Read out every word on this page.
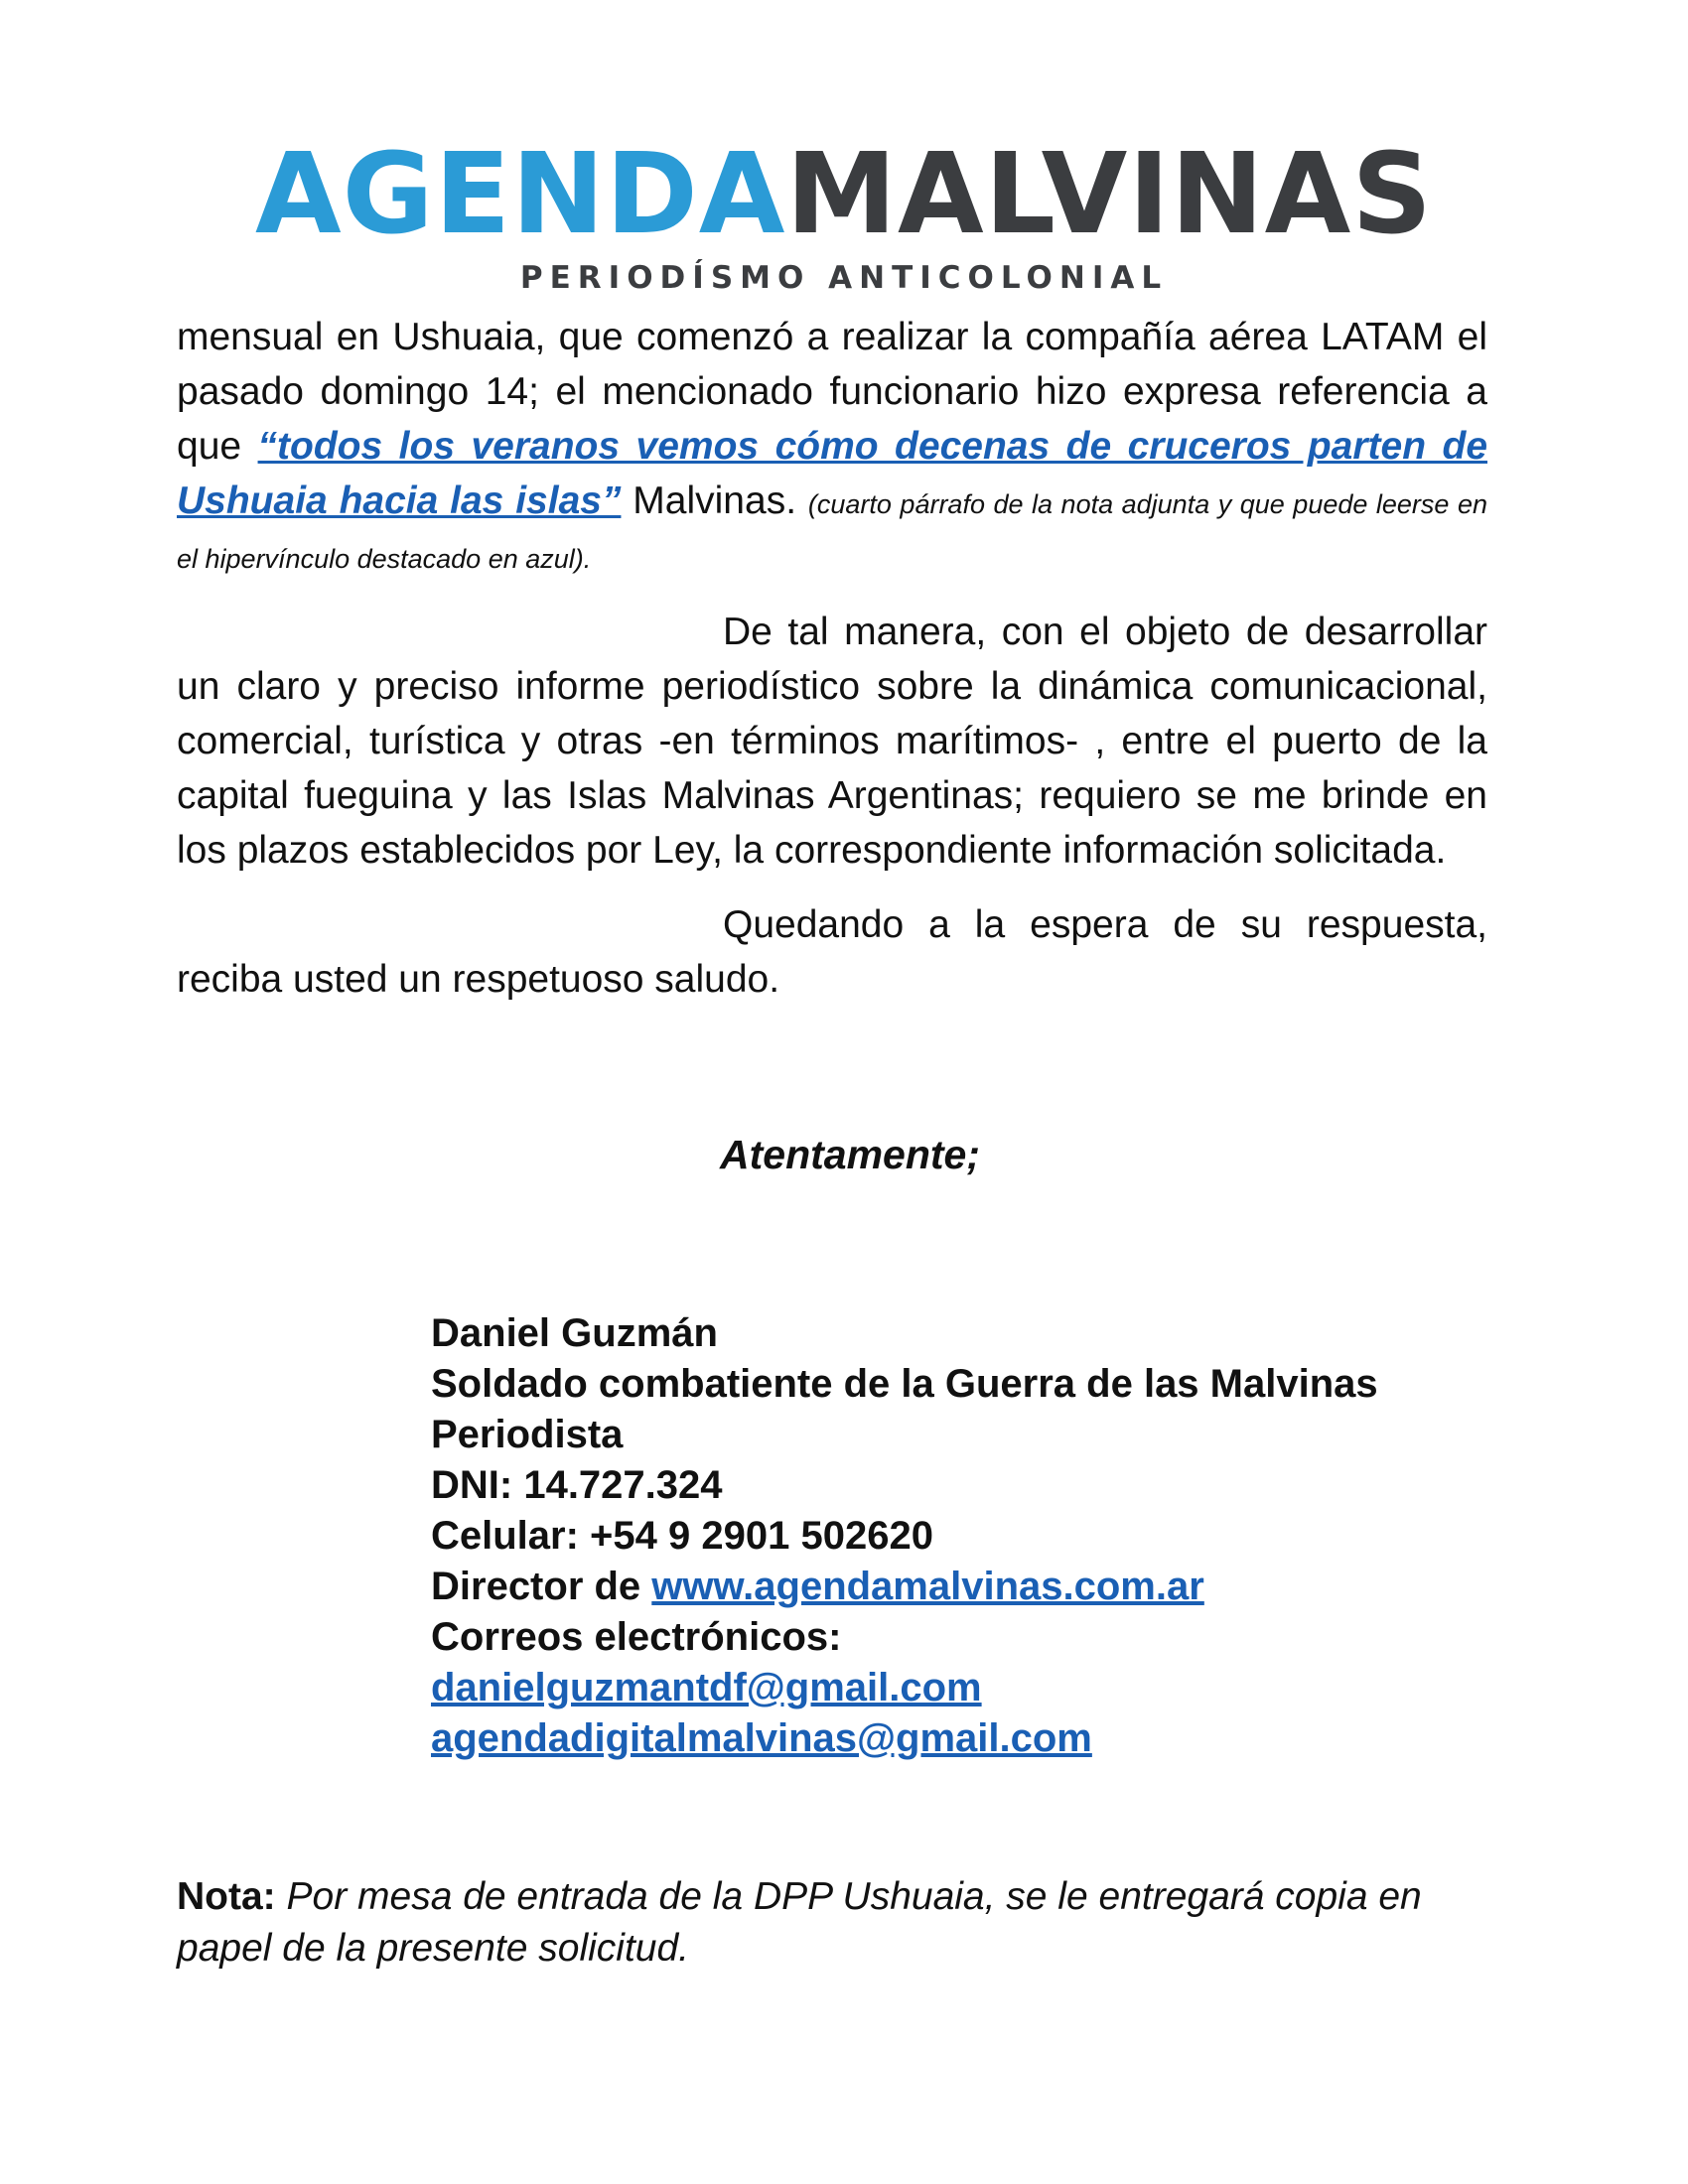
AGENDAMALVINAS
PERIODÍSMO ANTICOLONIAL

mensual en Ushuaia, que comenzó a realizar la compañía aérea LATAM el pasado domingo 14; el mencionado funcionario hizo expresa referencia a que “todos los veranos vemos cómo decenas de cruceros parten de Ushuaia hacia las islas” Malvinas. (cuarto párrafo de la nota adjunta y que puede leerse en el hipervínculo destacado en azul).

De tal manera, con el objeto de desarrollar un claro y preciso informe periodístico sobre la dinámica comunicacional, comercial, turística y otras -en términos marítimos- , entre el puerto de la capital fueguina y las Islas Malvinas Argentinas; requiero se me brinde en los plazos establecidos por Ley, la correspondiente información solicitada.

Quedando a la espera de su respuesta, reciba usted un respetuoso saludo.

Atentamente;
Daniel Guzmán
Soldado combatiente de la Guerra de las Malvinas
Periodista
DNI: 14.727.324
Celular: +54 9 2901 502620
Director de www.agendamalvinas.com.ar
Correos electrónicos:
danielguzmantdf@gmail.com
agendadigitalmalvinas@gmail.com
Nota: Por mesa de entrada de la DPP Ushuaia, se le entregará copia en papel de la presente solicitud.
